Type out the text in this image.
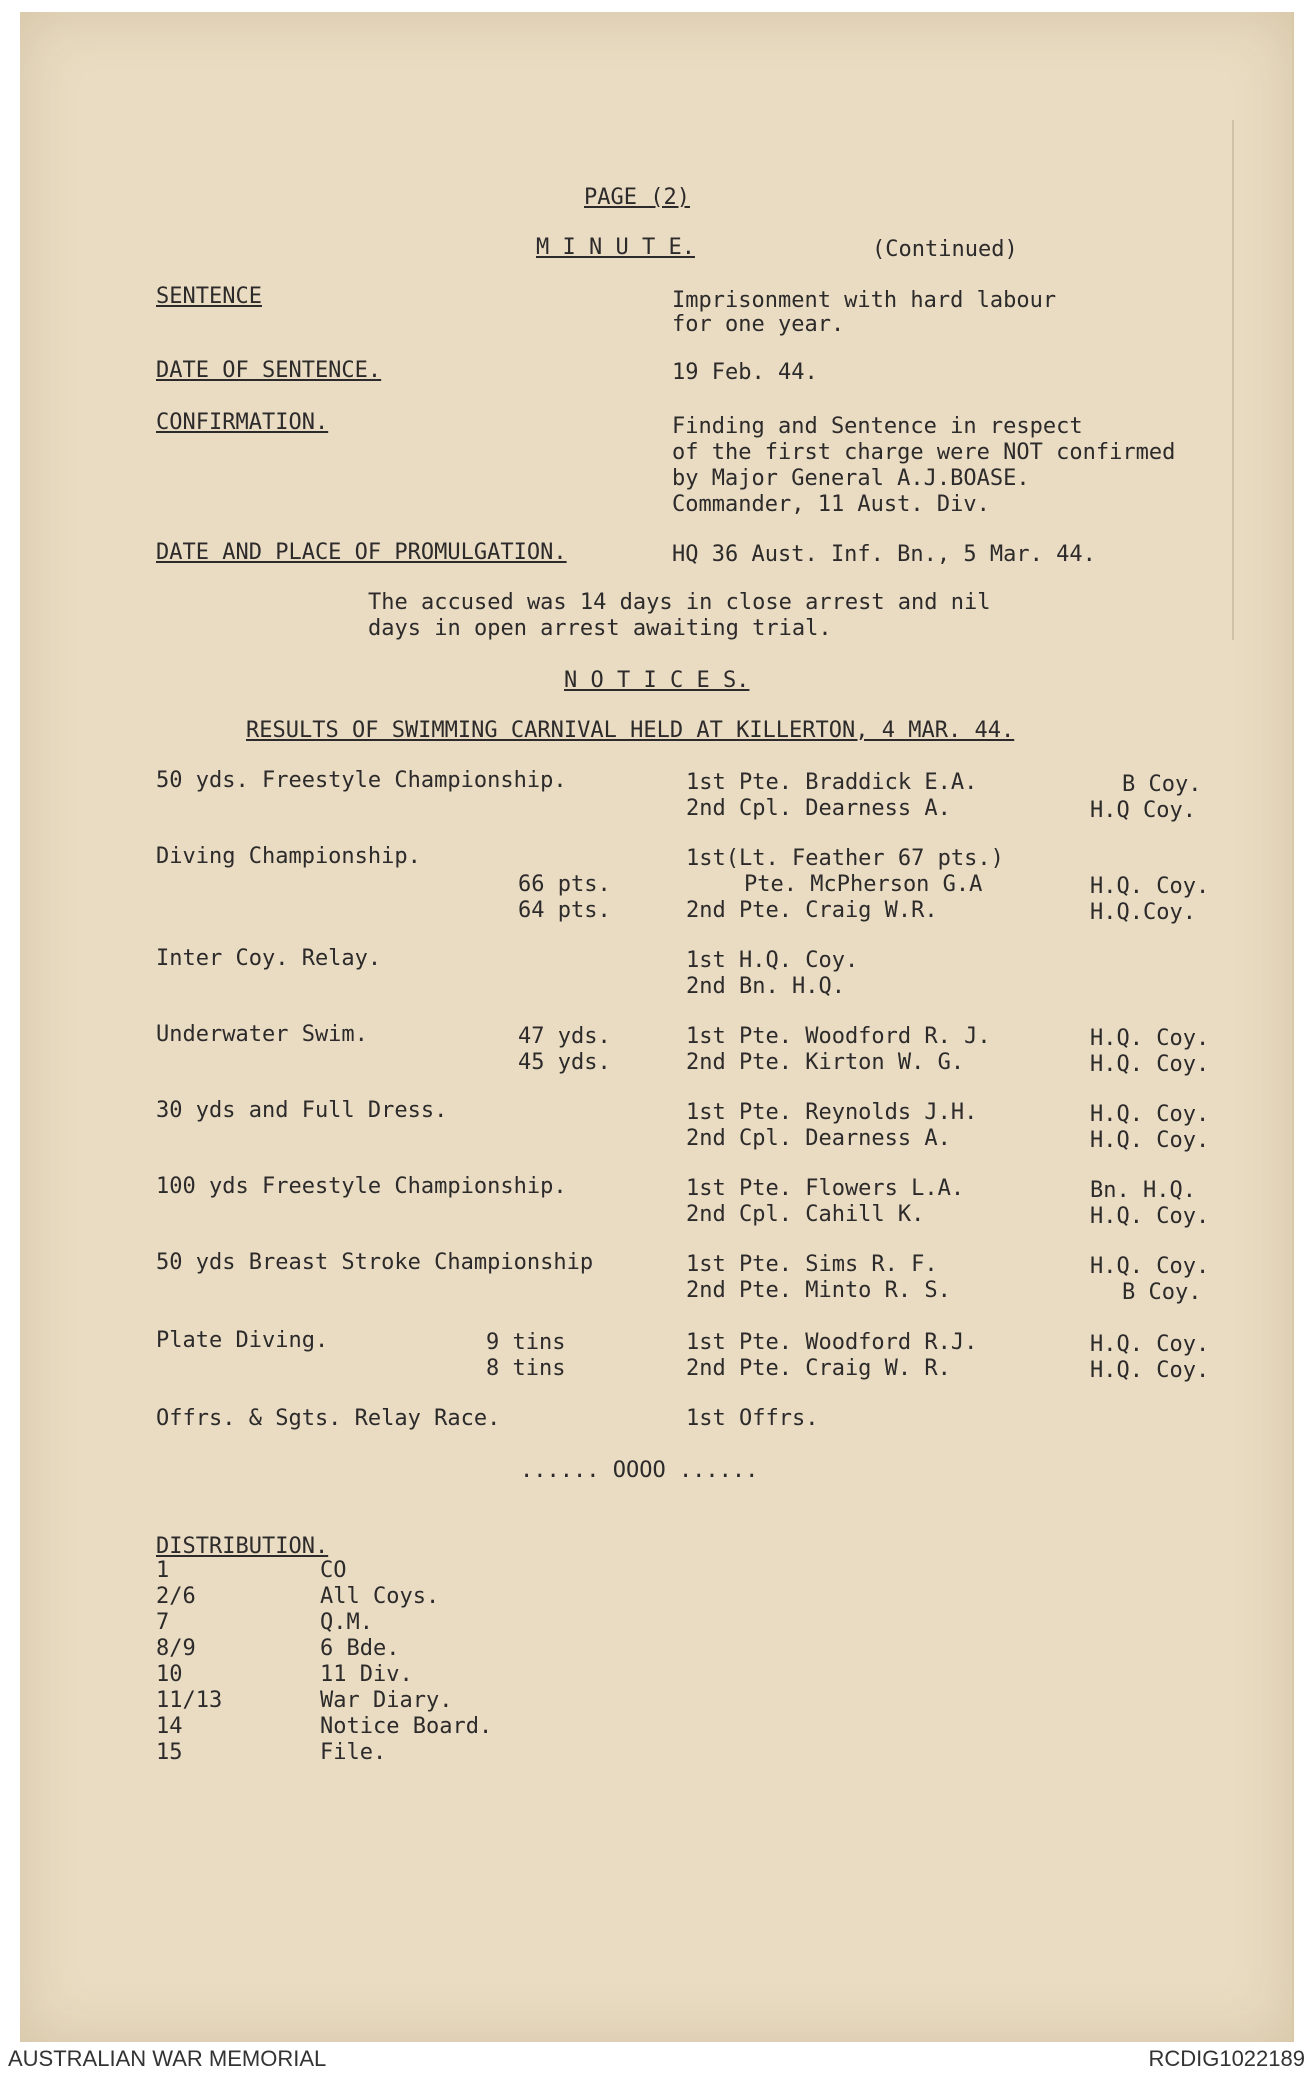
PAGE (2)
M I N U T E.	(Continued)
SENTENCE	Imprisonment with hard labour
for one year.
DATE OF SENTENCE.	19 Feb. 44.
CONFIRMATION.	Finding and Sentence in respect
of the first charge were NOT confirmed
by Major General A.J.BOASE.
Commander, 11 Aust. Div.
DATE AND PLACE OF PROMULGATION.	HQ 36 Aust. Inf. Bn., 5 Mar. 44.
The accused was 14 days in close arrest and nil
days in open arrest awaiting trial.
N O T I C E S.
RESULTS OF SWIMMING CARNIVAL HELD AT KILLERTON, 4 MAR. 44.
50 yds. Freestyle Championship.	1st Pte. Braddick E.A.	B Coy.
2nd Cpl. Dearness A.	H.Q Coy.
Diving Championship.	1st(Lt. Feather 67 pts.)
66 pts.	Pte. McPherson G.A	H.Q. Coy.
64 pts.	2nd Pte. Craig W.R.	H.Q.Coy.
Inter Coy. Relay.	1st H.Q. Coy.
2nd Bn. H.Q.
Underwater Swim.	47 yds.	1st Pte. Woodford R. J.	H.Q. Coy.
45 yds.	2nd Pte. Kirton W. G.	H.Q. Coy.
30 yds and Full Dress.	1st Pte. Reynolds J.H.	H.Q. Coy.
2nd Cpl. Dearness A.	H.Q. Coy.
100 yds Freestyle Championship.	1st Pte. Flowers L.A.	Bn. H.Q.
2nd Cpl. Cahill K.	H.Q. Coy.
50 yds Breast Stroke Championship	1st Pte. Sims R. F.	H.Q. Coy.
2nd Pte. Minto R. S.	B Coy.
Plate Diving.	9 tins	1st Pte. Woodford R.J.	H.Q. Coy.
8 tins	2nd Pte. Craig W. R.	H.Q. Coy.
Offrs. & Sgts. Relay Race.	1st Offrs.
...... OOOO ......
DISTRIBUTION.
1	CO
2/6	All Coys.
7	Q.M.
8/9	6 Bde.
10	11 Div.
11/13	War Diary.
14	Notice Board.
15	File.
AUSTRALIAN WAR MEMORIAL	RCDIG1022189
